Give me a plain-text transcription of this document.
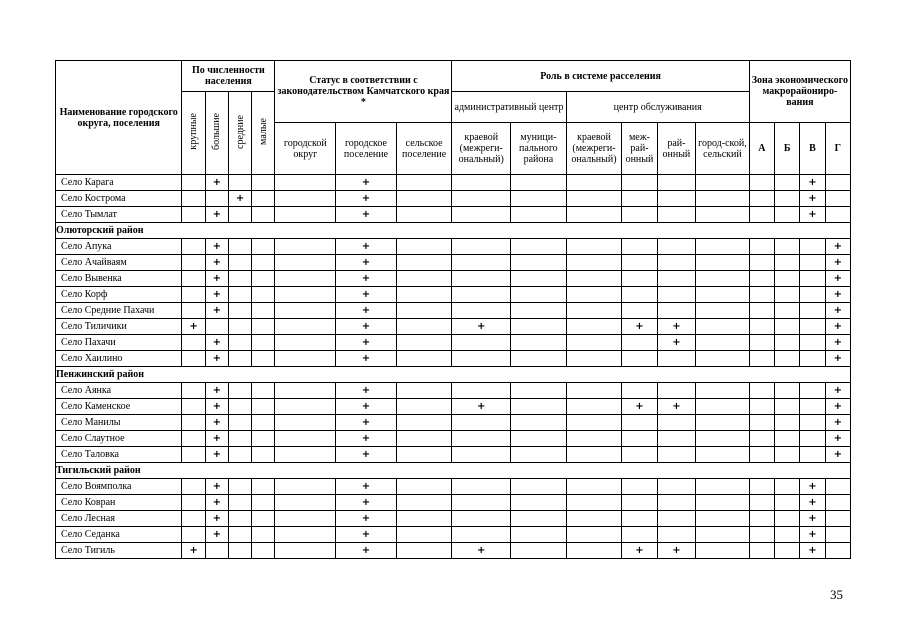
Наименование городского округа, поселения	По численности населения				Статус в соответствии с законодательством Камчатского края *			Роль в системе расселения						Зона экономического макрорайониро-вания			
	крупные	большие	средние	малые				административный центр		центр обслуживания							
					городской округ	городское поселение	сельское поселение	краевой (межреги-ональный)	муници-пального района	краевой (межреги-ональный)	меж-рай-онный	рай-онный	город-ской, сельский	А	Б	В	Г
Село Карага		+				+										+	
Село Кострома			+			+										+	
Село Тымлат		+				+										+	
Олюторский район																	
Село Апука		+				+											+
Село Ачайваям		+				+											+
Село Вывенка		+				+											+
Село Корф		+				+											+
Село Средние Пахачи		+				+											+
Село Тиличики	+					+		+			+	+					+
Село Пахачи		+				+						+					+
Село Хаилино		+				+											+
Пенжинский район																	
Село Аянка		+				+											+
Село Каменское		+				+		+			+	+					+
Село Манилы		+				+											+
Село Слаутное		+				+											+
Село Таловка		+				+											+
Тигильский район																	
Село Воямполка		+				+										+	
Село Ковран		+				+										+	
Село Лесная		+				+										+	
Село Седанка		+				+										+	
Село Тигиль	+					+		+			+	+				+	
35
